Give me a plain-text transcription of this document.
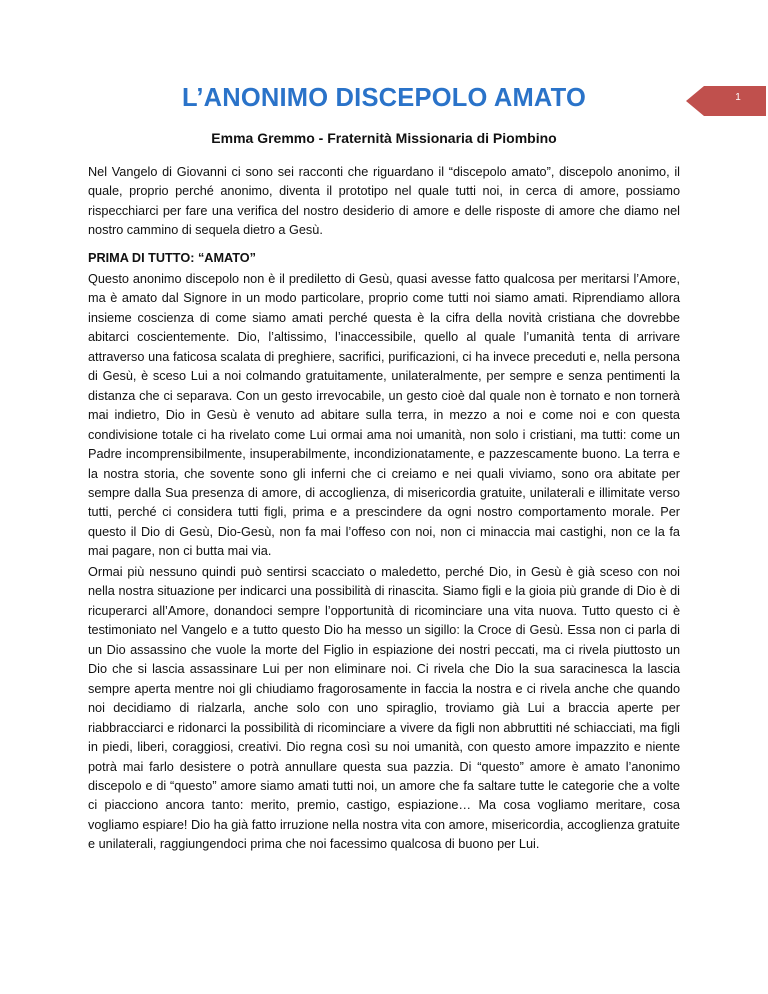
L’ANONIMO DISCEPOLO AMATO	1
Emma Gremmo - Fraternità Missionaria di Piombino

Nel Vangelo di Giovanni ci sono sei racconti che riguardano il “discepolo amato”, discepolo anonimo, il quale, proprio perché anonimo, diventa il prototipo nel quale tutti noi, in cerca di amore, possiamo rispecchiarci per fare una verifica del nostro desiderio di amore e delle risposte di amore che diamo nel nostro cammino di sequela dietro a Gesù.

PRIMA DI TUTTO: “AMATO”

Questo anonimo discepolo non è il prediletto di Gesù, quasi avesse fatto qualcosa per meritarsi l’Amore, ma è amato dal Signore in un modo particolare, proprio come tutti noi siamo amati. Riprendiamo allora insieme coscienza di come siamo amati perché questa è la cifra della novità cristiana che dovrebbe abitarci coscientemente. Dio, l’altissimo, l’inaccessibile, quello al quale l’umanità tenta di arrivare attraverso una faticosa scalata di preghiere, sacrifici, purificazioni, ci ha invece preceduti e, nella persona di Gesù, è sceso Lui a noi colmando gratuitamente, unilateralmente, per sempre e senza pentimenti la distanza che ci separava. Con un gesto irrevocabile, un gesto cioè dal quale non è tornato e non tornerà mai indietro, Dio in Gesù è venuto ad abitare sulla terra, in mezzo a noi e come noi e con questa condivisione totale ci ha rivelato come Lui ormai ama noi umanità, non solo i cristiani, ma tutti: come un Padre incomprensibilmente, insuperabilmente, incondizionatamente, e pazzescamente buono. La terra e la nostra storia, che sovente sono gli inferni che ci creiamo e nei quali viviamo, sono ora abitate per sempre dalla Sua presenza di amore, di accoglienza, di misericordia gratuite, unilaterali e illimitate verso tutti, perché ci considera tutti figli, prima e a prescindere da ogni nostro comportamento morale. Per questo il Dio di Gesù, Dio-Gesù, non fa mai l’offeso con noi, non ci minaccia mai castighi, non ce la fa mai pagare, non ci butta mai via.

Ormai più nessuno quindi può sentirsi scacciato o maledetto, perché Dio, in Gesù è già sceso con noi nella nostra situazione per indicarci una possibilità di rinascita. Siamo figli e la gioia più grande di Dio è di ricuperarci all’Amore, donandoci sempre l’opportunità di ricominciare una vita nuova. Tutto questo ci è testimoniato nel Vangelo e a tutto questo Dio ha messo un sigillo: la Croce di Gesù. Essa non ci parla di un Dio assassino che vuole la morte del Figlio in espiazione dei nostri peccati, ma ci rivela piuttosto un Dio che si lascia assassinare Lui per non eliminare noi. Ci rivela che Dio la sua saracinesca la lascia sempre aperta mentre noi gli chiudiamo fragorosamente in faccia la nostra e ci rivela anche che quando noi decidiamo di rialzarla, anche solo con uno spiraglio, troviamo già Lui a braccia aperte per riabbracciarci e ridonarci la possibilità di ricominciare a vivere da figli non abbruttiti né schiacciati, ma figli in piedi, liberi, coraggiosi, creativi. Dio regna così su noi umanità, con questo amore impazzito e niente potrà mai farlo desistere o potrà annullare questa sua pazzia. Di “questo” amore è amato l’anonimo discepolo e di “questo” amore siamo amati tutti noi, un amore che fa saltare tutte le categorie che a volte ci piacciono ancora tanto: merito, premio, castigo, espiazione… Ma cosa vogliamo meritare, cosa vogliamo espiare! Dio ha già fatto irruzione nella nostra vita con amore, misericordia, accoglienza gratuite e unilaterali, raggiungendoci prima che noi facessimo qualcosa di buono per Lui.
